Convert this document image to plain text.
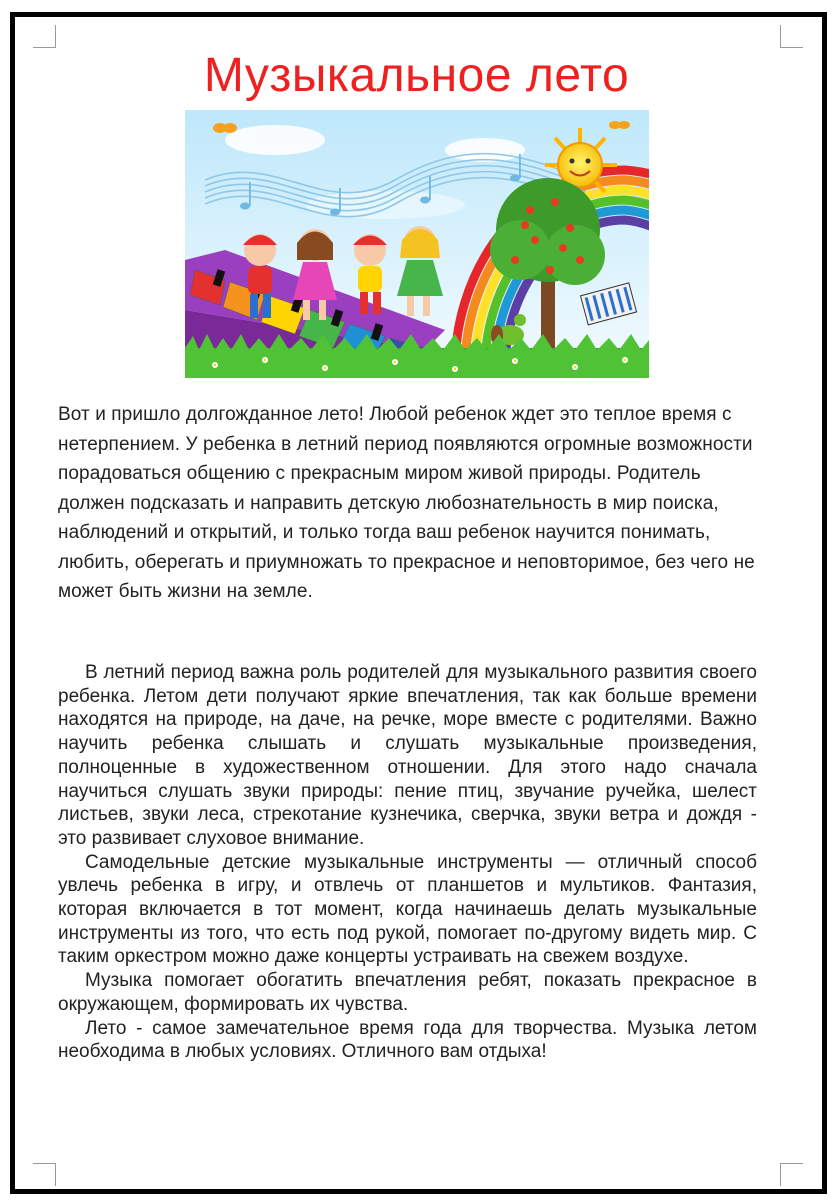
Музыкальное лето
Вот и пришло долгожданное лето! Любой ребенок ждет это теплое время с нетерпением. У ребенка в летний период появляются огромные возможности порадоваться общению с прекрасным миром живой природы. Родитель должен подсказать и направить детскую любознательность в мир поиска, наблюдений и открытий, и только тогда ваш ребенок научится понимать, любить, оберегать и приумножать то прекрасное и неповторимое, без чего не может быть жизни на земле.

В летний период важна роль родителей для музыкального развития своего ребенка. Летом дети получают яркие впечатления, так как больше времени находятся на природе, на даче, на речке, море вместе с родителями. Важно научить ребенка слышать и слушать музыкальные произведения, полноценные в художественном отношении. Для этого надо сначала научиться слушать звуки природы: пение птиц, звучание ручейка, шелест листьев, звуки леса, стрекотание кузнечика, сверчка, звуки ветра и дождя - это развивает слуховое внимание.

Самодельные детские музыкальные инструменты — отличный способ увлечь ребенка в игру, и отвлечь от планшетов и мультиков. Фантазия, которая включается в тот момент, когда начинаешь делать музыкальные инструменты из того, что есть под рукой, помогает по-другому видеть мир. С таким оркестром можно даже концерты устраивать на свежем воздухе.

Музыка помогает обогатить впечатления ребят, показать прекрасное в окружающем, формировать их чувства.

Лето - самое замечательное время года для творчества. Музыка летом необходима в любых условиях. Отличного вам отдыха!
